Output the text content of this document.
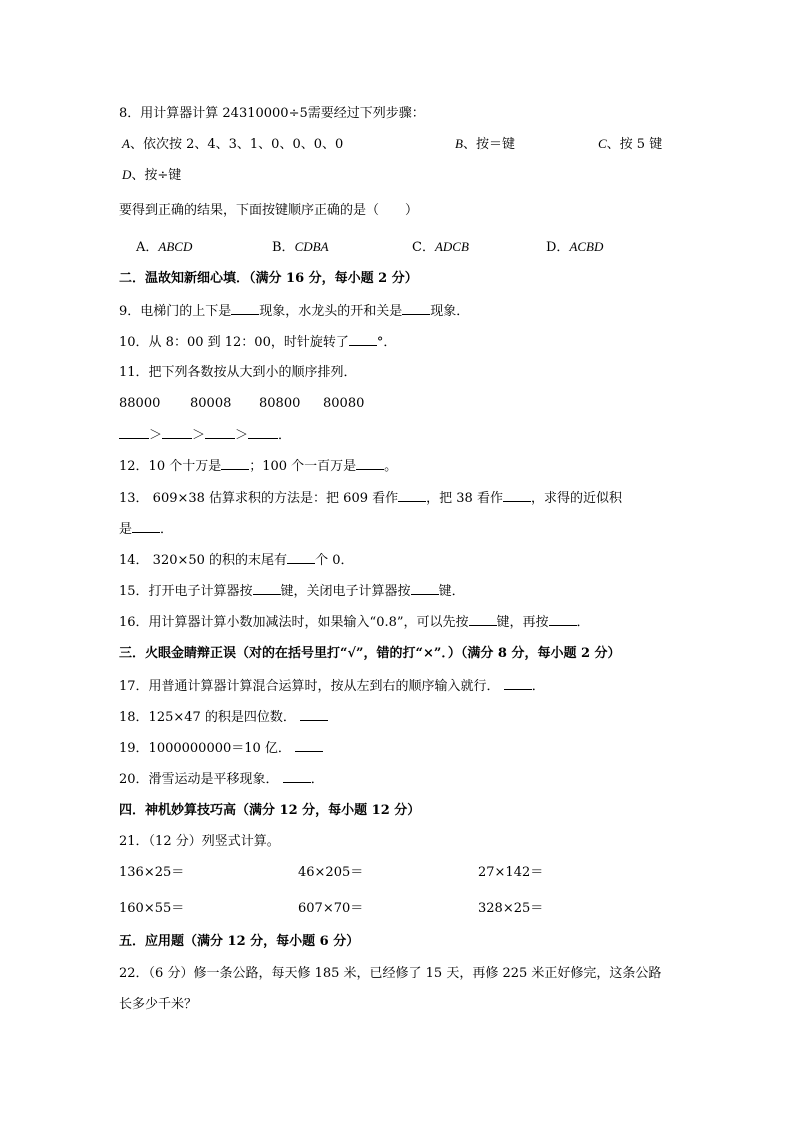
8．用计算器计算 24310000÷5需要经过下列步骤：
A、依次按 2、4、3、1、0、0、0、0	B、按＝键	C、按 5 键
D、按÷键
要得到正确的结果，下面按键顺序正确的是（　　）
A．ABCD	B．CDBA	C．ADCB	D．ACBD
二．温故知新细心填．（满分 16 分，每小题 2 分）
9．电梯门的上下是 现象，水龙头的开和关是 现象．
10．从 8：00 到 12：00，时针旋转了 °．
11．把下列各数按从大到小的顺序排列．
88000 80008 80800 80080
＞ ＞ ＞ ．
12．10 个十万是 ；100 个一百万是 。
13． 609×38 估算求积的方法是：把 609 看作 ，把 38 看作 ，求得的近似积
是 ．
14． 320×50 的积的末尾有 个 0．
15．打开电子计算器按 键，关闭电子计算器按 键．
16．用计算器计算小数加减法时，如果输入“0.8”，可以先按 键，再按 ．
三．火眼金睛辩正误（对的在括号里打“√”，错的打“×”．）（满分 8 分，每小题 2 分）
17．用普通计算器计算混合运算时，按从左到右的顺序输入就行． ．
18．125×47 的积是四位数．
19．1000000000＝10 亿．
20．滑雪运动是平移现象． ．
四．神机妙算技巧高（满分 12 分，每小题 12 分）
21．（12 分）列竖式计算。
136×25＝	46×205＝	27×142＝
160×55＝	607×70＝	328×25＝
五．应用题（满分 12 分，每小题 6 分）
22．（6 分）修一条公路，每天修 185 米，已经修了 15 天，再修 225 米正好修完，这条公路
长多少千米？
